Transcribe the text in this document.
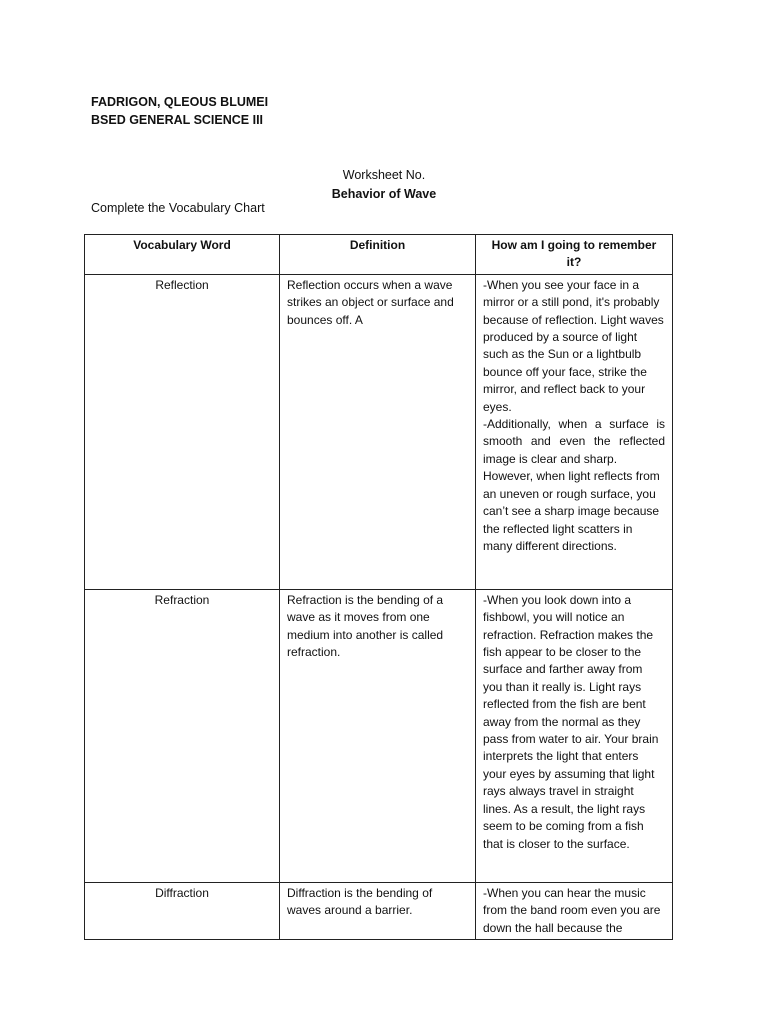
FADRIGON, QLEOUS BLUMEI
BSED GENERAL SCIENCE III
Worksheet No.
Behavior of Wave
Complete the Vocabulary Chart
Vocabulary Word	Definition	How am I going to remember it?
Reflection	Reflection occurs when a wave strikes an object or surface and bounces off. A	-When you see your face in a mirror or a still pond, it's probably because of reflection. Light waves produced by a source of light such as the Sun or a lightbulb bounce off your face, strike the mirror, and reflect back to your eyes.
-Additionally, when a surface is smooth and even the reflected image is clear and sharp.
However, when light reflects from an uneven or rough surface, you can’t see a sharp image because the reflected light scatters in many different directions.

Refraction	Refraction is the bending of a wave as it moves from one medium into another is called refraction.	-When you look down into a fishbowl, you will notice an refraction. Refraction makes the fish appear to be closer to the surface and farther away from you than it really is. Light rays reflected from the fish are bent away from the normal as they pass from water to air. Your brain interprets the light that enters your eyes by assuming that light rays always travel in straight lines. As a result, the light rays seem to be coming from a fish that is closer to the surface.

Diffraction	Diffraction is the bending of waves around a barrier.	-When you can hear the music from the band room even you are down the hall because the
